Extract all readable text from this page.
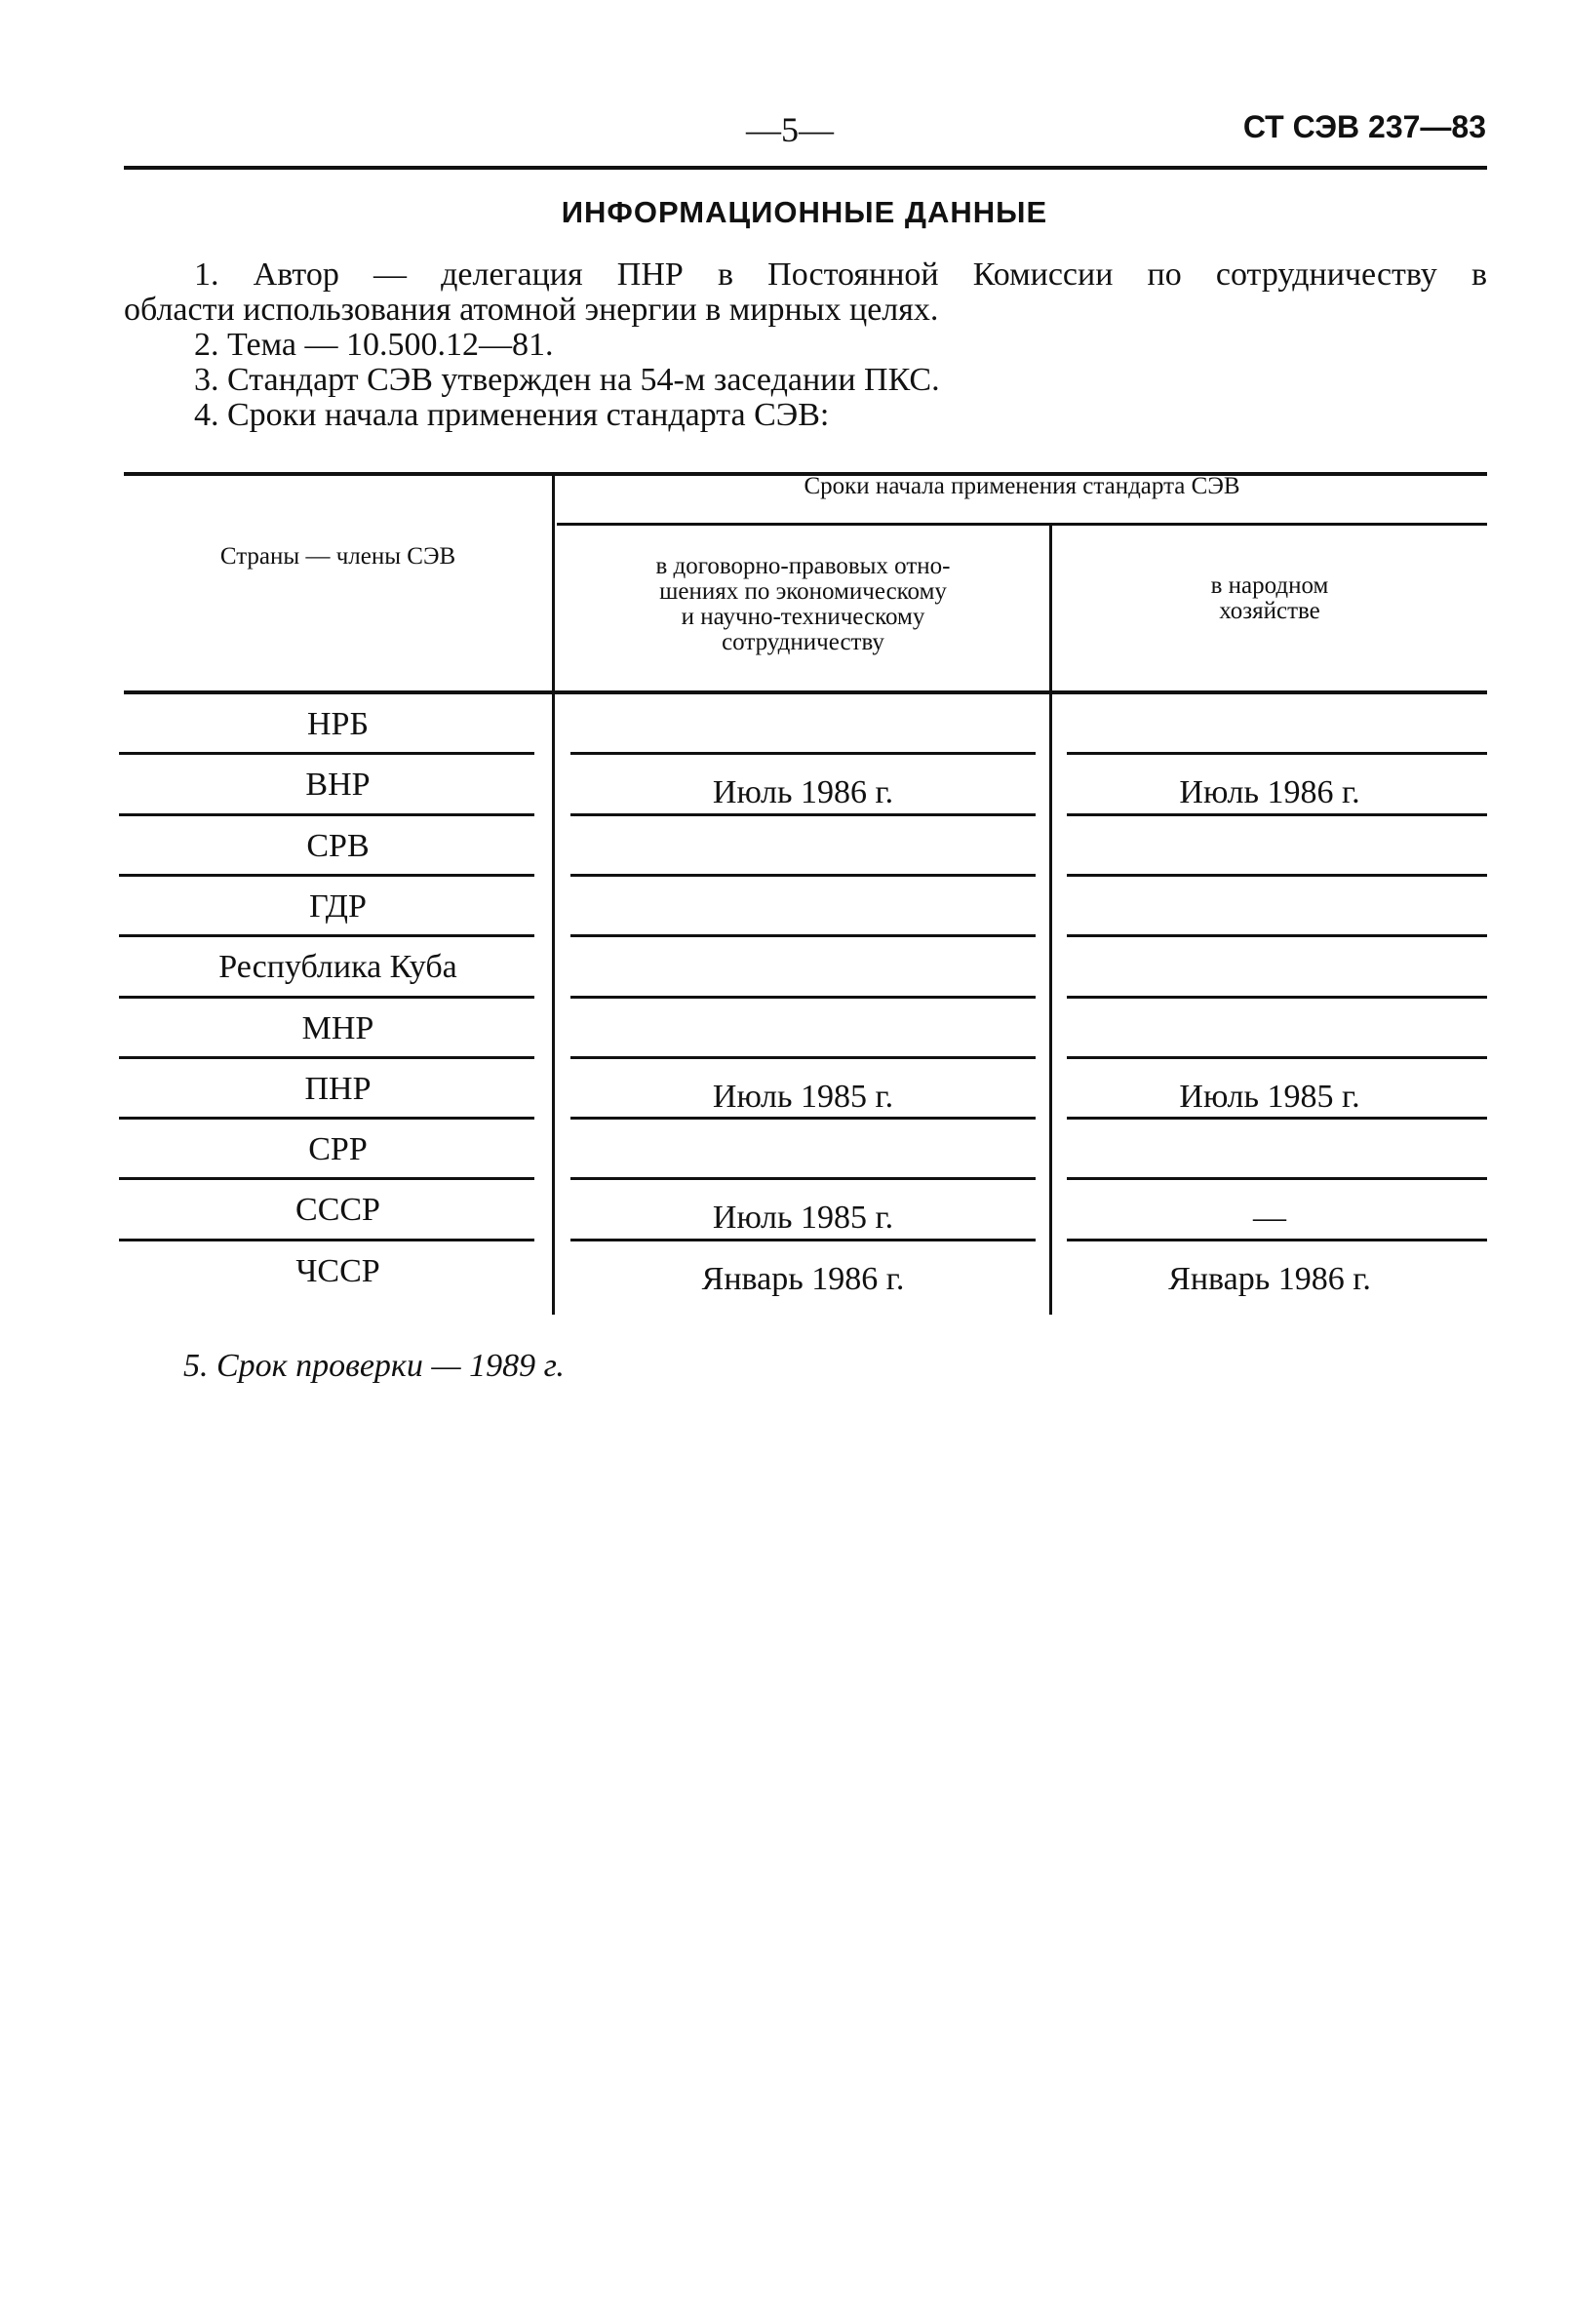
—5—	СТ СЭВ 237—83
ИНФОРМАЦИОННЫЕ ДАННЫЕ
1. Автор — делегация ПНР в Постоянной Комиссии по сотрудничеству в
области использования атомной энергии в мирных целях.
2. Тема — 10.500.12—81.
3. Стандарт СЭВ утвержден на 54-м заседании ПКС.
4. Сроки начала применения стандарта СЭВ:
Страны — члены СЭВ
Сроки начала применения стандарта СЭВ
в договорно-правовых отно-
шениях по экономическому
и научно-техническому
сотрудничеству
в народном
хозяйстве
НРБ
ВНР	Июль 1986 г.	Июль 1986 г.
СРВ
ГДР
Республика Куба
МНР
ПНР	Июль 1985 г.	Июль 1985 г.
СРР
СССР	Июль 1985 г.	—
ЧССР	Январь 1986 г.	Январь 1986 г.
5. Срок проверки — 1989 г.
